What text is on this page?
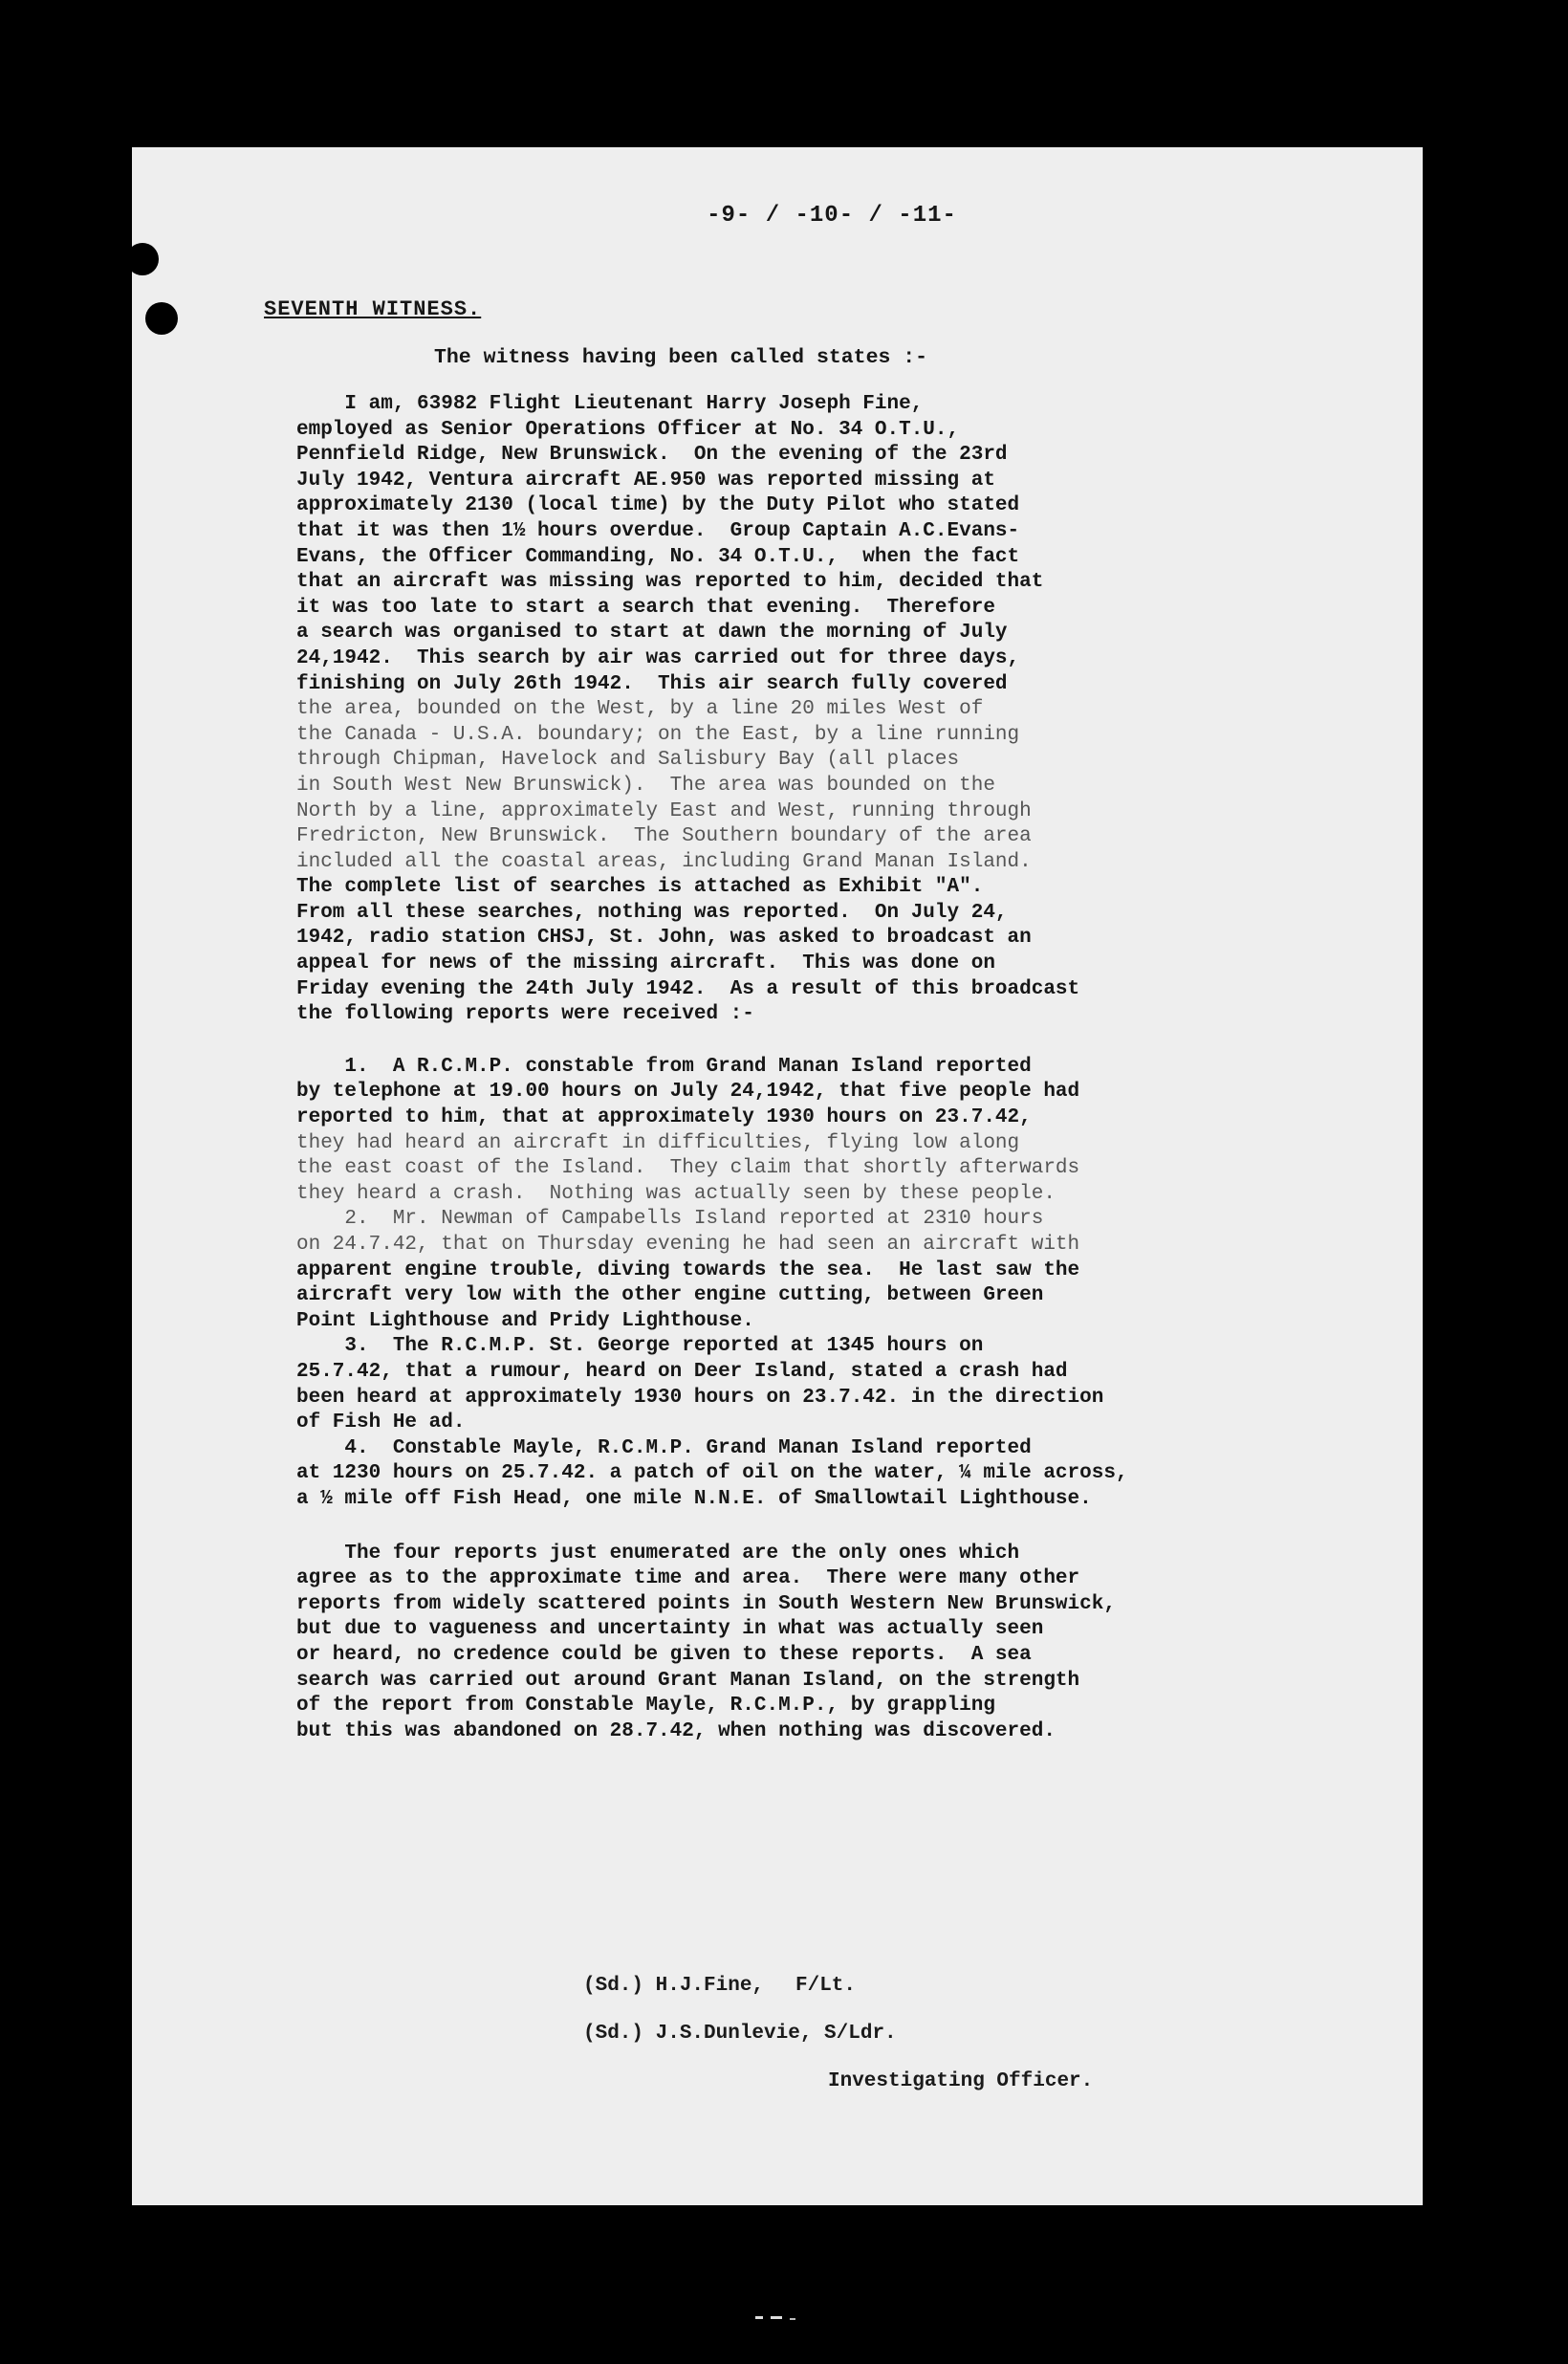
-9- / -10- / -11-
SEVENTH WITNESS.
The witness having been called states :-
I am, 63982 Flight Lieutenant Harry Joseph Fine,
employed as Senior Operations Officer at No. 34 O.T.U.,
Pennfield Ridge, New Brunswick.  On the evening of the 23rd
July 1942, Ventura aircraft AE.950 was reported missing at
approximately 2130 (local time) by the Duty Pilot who stated
that it was then 1½ hours overdue.  Group Captain A.C.Evans-
Evans, the Officer Commanding, No. 34 O.T.U.,  when the fact
that an aircraft was missing was reported to him, decided that
it was too late to start a search that evening.  Therefore
a search was organised to start at dawn the morning of July
24,1942.  This search by air was carried out for three days,
finishing on July 26th 1942.  This air search fully covered
the area, bounded on the West, by a line 20 miles West of
the Canada - U.S.A. boundary; on the East, by a line running
through Chipman, Havelock and Salisbury Bay (all places
in South West New Brunswick).  The area was bounded on the
North by a line, approximately East and West, running through
Fredricton, New Brunswick.  The Southern boundary of the area
included all the coastal areas, including Grand Manan Island.
The complete list of searches is attached as Exhibit "A".
From all these searches, nothing was reported.  On July 24,
1942, radio station CHSJ, St. John, was asked to broadcast an
appeal for news of the missing aircraft.  This was done on
Friday evening the 24th July 1942.  As a result of this broadcast
the following reports were received :-
1.  A R.C.M.P. constable from Grand Manan Island reported
by telephone at 19.00 hours on July 24,1942, that five people had
reported to him, that at approximately 1930 hours on 23.7.42,
they had heard an aircraft in difficulties, flying low along
the east coast of the Island.  They claim that shortly afterwards
they heard a crash.  Nothing was actually seen by these people.
2.  Mr. Newman of Campabells Island reported at 2310 hours
on 24.7.42, that on Thursday evening he had seen an aircraft with
apparent engine trouble, diving towards the sea.  He last saw the
aircraft very low with the other engine cutting, between Green
Point Lighthouse and Pridy Lighthouse.
3.  The R.C.M.P. St. George reported at 1345 hours on
25.7.42, that a rumour, heard on Deer Island, stated a crash had
been heard at approximately 1930 hours on 23.7.42. in the direction
of Fish He ad.
4.  Constable Mayle, R.C.M.P. Grand Manan Island reported
at 1230 hours on 25.7.42. a patch of oil on the water, ¼ mile across,
a ½ mile off Fish Head, one mile N.N.E. of Smallowtail Lighthouse.
The four reports just enumerated are the only ones which
agree as to the approximate time and area.  There were many other
reports from widely scattered points in South Western New Brunswick,
but due to vagueness and uncertainty in what was actually seen
or heard, no credence could be given to these reports.  A sea
search was carried out around Grant Manan Island, on the strength
of the report from Constable Mayle, R.C.M.P., by grappling
but this was abandoned on 28.7.42, when nothing was discovered.
(Sd.) H.J.Fine, F/Lt.
(Sd.) J.S.Dunlevie, S/Ldr.
Investigating Officer.
